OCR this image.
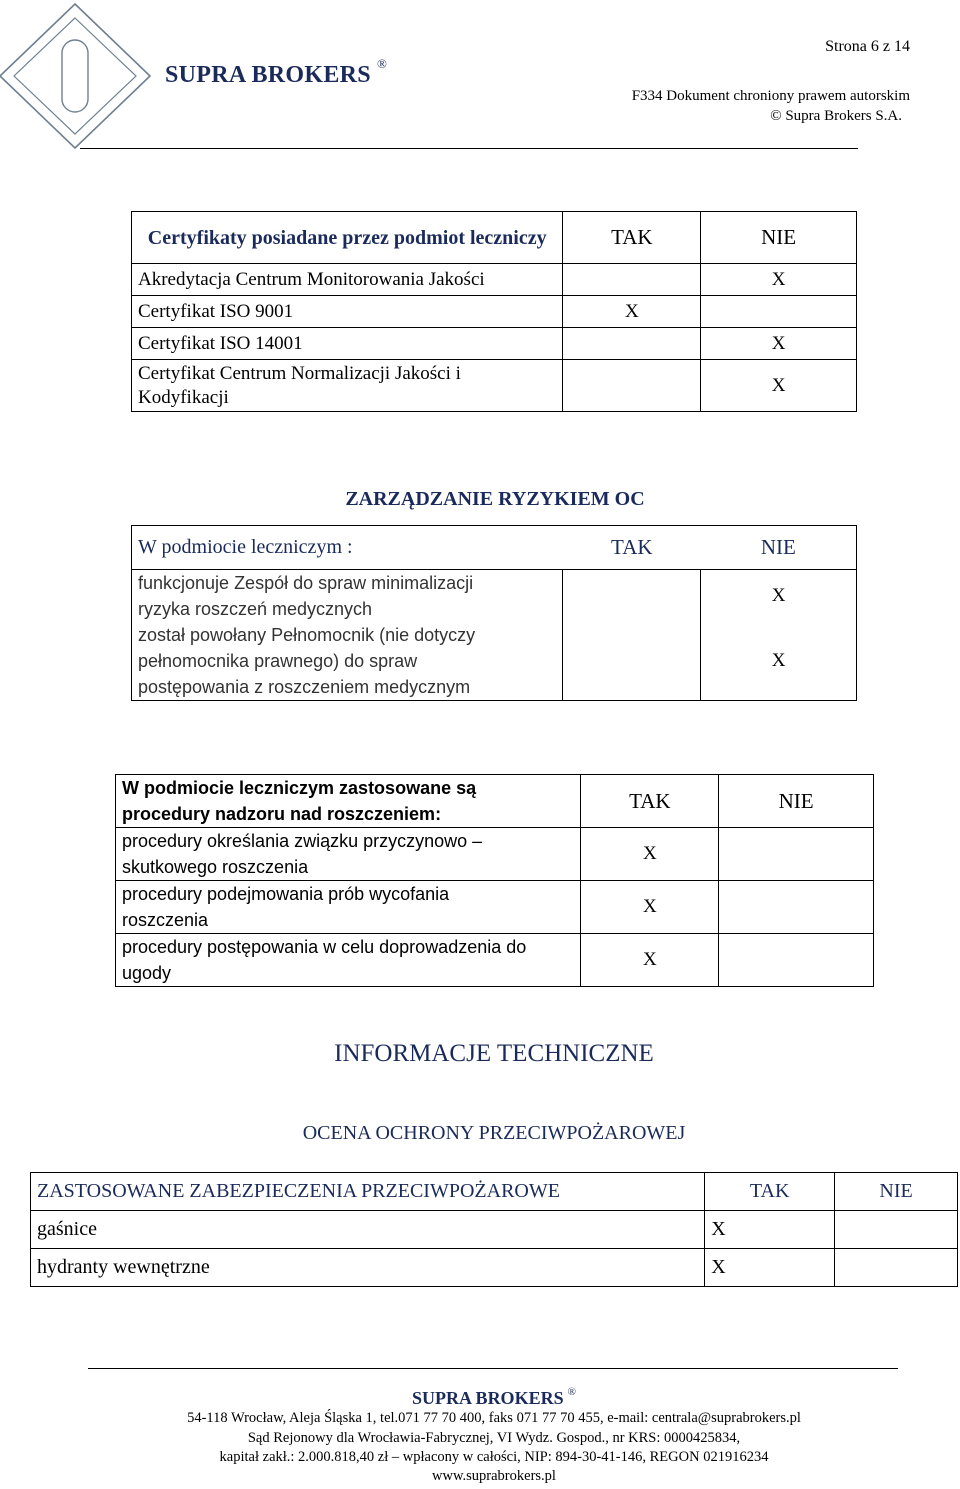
SUPRA BROKERS ®
Strona 6 z 14
F334 Dokument chroniony prawem autorskim
© Supra Brokers S.A.
Certyfikaty posiadane przez podmiot leczniczy	TAK	NIE
Akredytacja Centrum Monitorowania Jakości		X
Certyfikat ISO 9001	X	
Certyfikat ISO 14001		X
Certyfikat Centrum Normalizacji Jakości i Kodyfikacji		X
ZARZĄDZANIE RYZYKIEM OC
W podmiocie leczniczym :	TAK	NIE
funkcjonuje Zespół do spraw minimalizacji ryzyka roszczeń medycznych		X
został powołany Pełnomocnik (nie dotyczy pełnomocnika prawnego) do spraw postępowania z roszczeniem medycznym		X
W podmiocie leczniczym zastosowane są procedury nadzoru nad roszczeniem:	TAK	NIE
procedury określania związku przyczynowo – skutkowego roszczenia	X	
procedury podejmowania prób wycofania roszczenia	X	
procedury postępowania w celu doprowadzenia do ugody	X	
INFORMACJE TECHNICZNE
OCENA OCHRONY PRZECIWPOŻAROWEJ
ZASTOSOWANE ZABEZPIECZENIA PRZECIWPOŻAROWE	TAK	NIE
gaśnice	X	
hydranty wewnętrzne	X	
SUPRA BROKERS ®
54-118 Wrocław, Aleja Śląska 1, tel.071 77 70 400, faks 071 77 70 455, e-mail: centrala@suprabrokers.pl
Sąd Rejonowy dla Wrocławia-Fabrycznej, VI Wydz. Gospod., nr KRS: 0000425834,
kapitał zakł.: 2.000.818,40 zł – wpłacony w całości, NIP: 894-30-41-146, REGON 021916234
www.suprabrokers.pl
